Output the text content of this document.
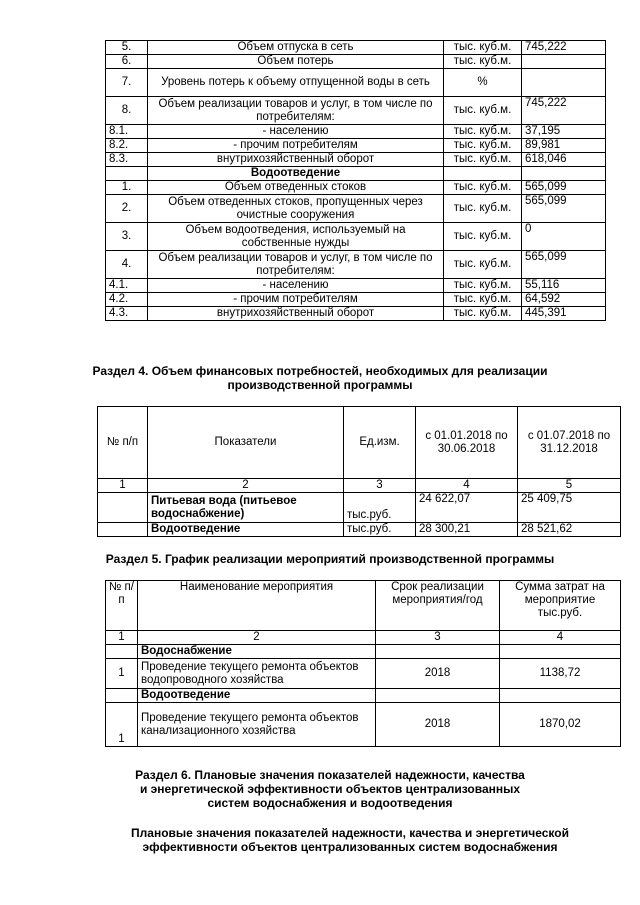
5.	Объем отпуска в сеть	тыс. куб.м.	745,222
6.	Объем потерь	тыс. куб.м.	
7.	Уровень потерь к объему отпущенной воды в сеть	%	
8.	Объем реализации товаров и услуг, в том числе по потребителям:	тыс. куб.м.	745,222
8.1.	- населению	тыс. куб.м.	37,195
8.2.	- прочим потребителям	тыс. куб.м.	89,981
8.3.	внутрихозяйственный оборот	тыс. куб.м.	618,046
	Водоотведение		
1.	Объем отведенных стоков	тыс. куб.м.	565,099
2.	Объем отведенных стоков, пропущенных через очистные сооружения	тыс. куб.м.	565,099
3.	Объем водоотведения, используемый на собственные нужды	тыс. куб.м.	0
4.	Объем реализации товаров и услуг, в том числе по потребителям:	тыс. куб.м.	565,099
4.1.	- населению	тыс. куб.м.	55,116
4.2.	- прочим потребителям	тыс. куб.м.	64,592
4.3.	внутрихозяйственный оборот	тыс. куб.м.	445,391

Раздел 4. Объем финансовых потребностей, необходимых для реализации производственной программы

№ п/п	Показатели	Ед.изм.	с 01.01.2018 по 30.06.2018	с 01.07.2018 по 31.12.2018
1	2	3	4	5
	Питьевая вода (питьевое водоснабжение)	тыс.руб.	24 622,07	25 409,75
	Водоотведение	тыс.руб.	28 300,21	28 521,62

Раздел 5. График реализации мероприятий производственной программы

№ п/п	Наименование мероприятия	Срок реализации мероприятия/год	Сумма затрат на мероприятие тыс.руб.
1	2	3	4
	Водоснабжение		
1	Проведение текущего ремонта объектов водопроводного хозяйства	2018	1138,72
	Водоотведение		
1	Проведение текущего ремонта объектов канализационного хозяйства	2018	1870,02

Раздел 6. Плановые значения показателей надежности, качества и энергетической эффективности объектов централизованных систем водоснабжения и водоотведения

Плановые значения показателей надежности, качества и энергетической эффективности объектов централизованных систем водоснабжения
